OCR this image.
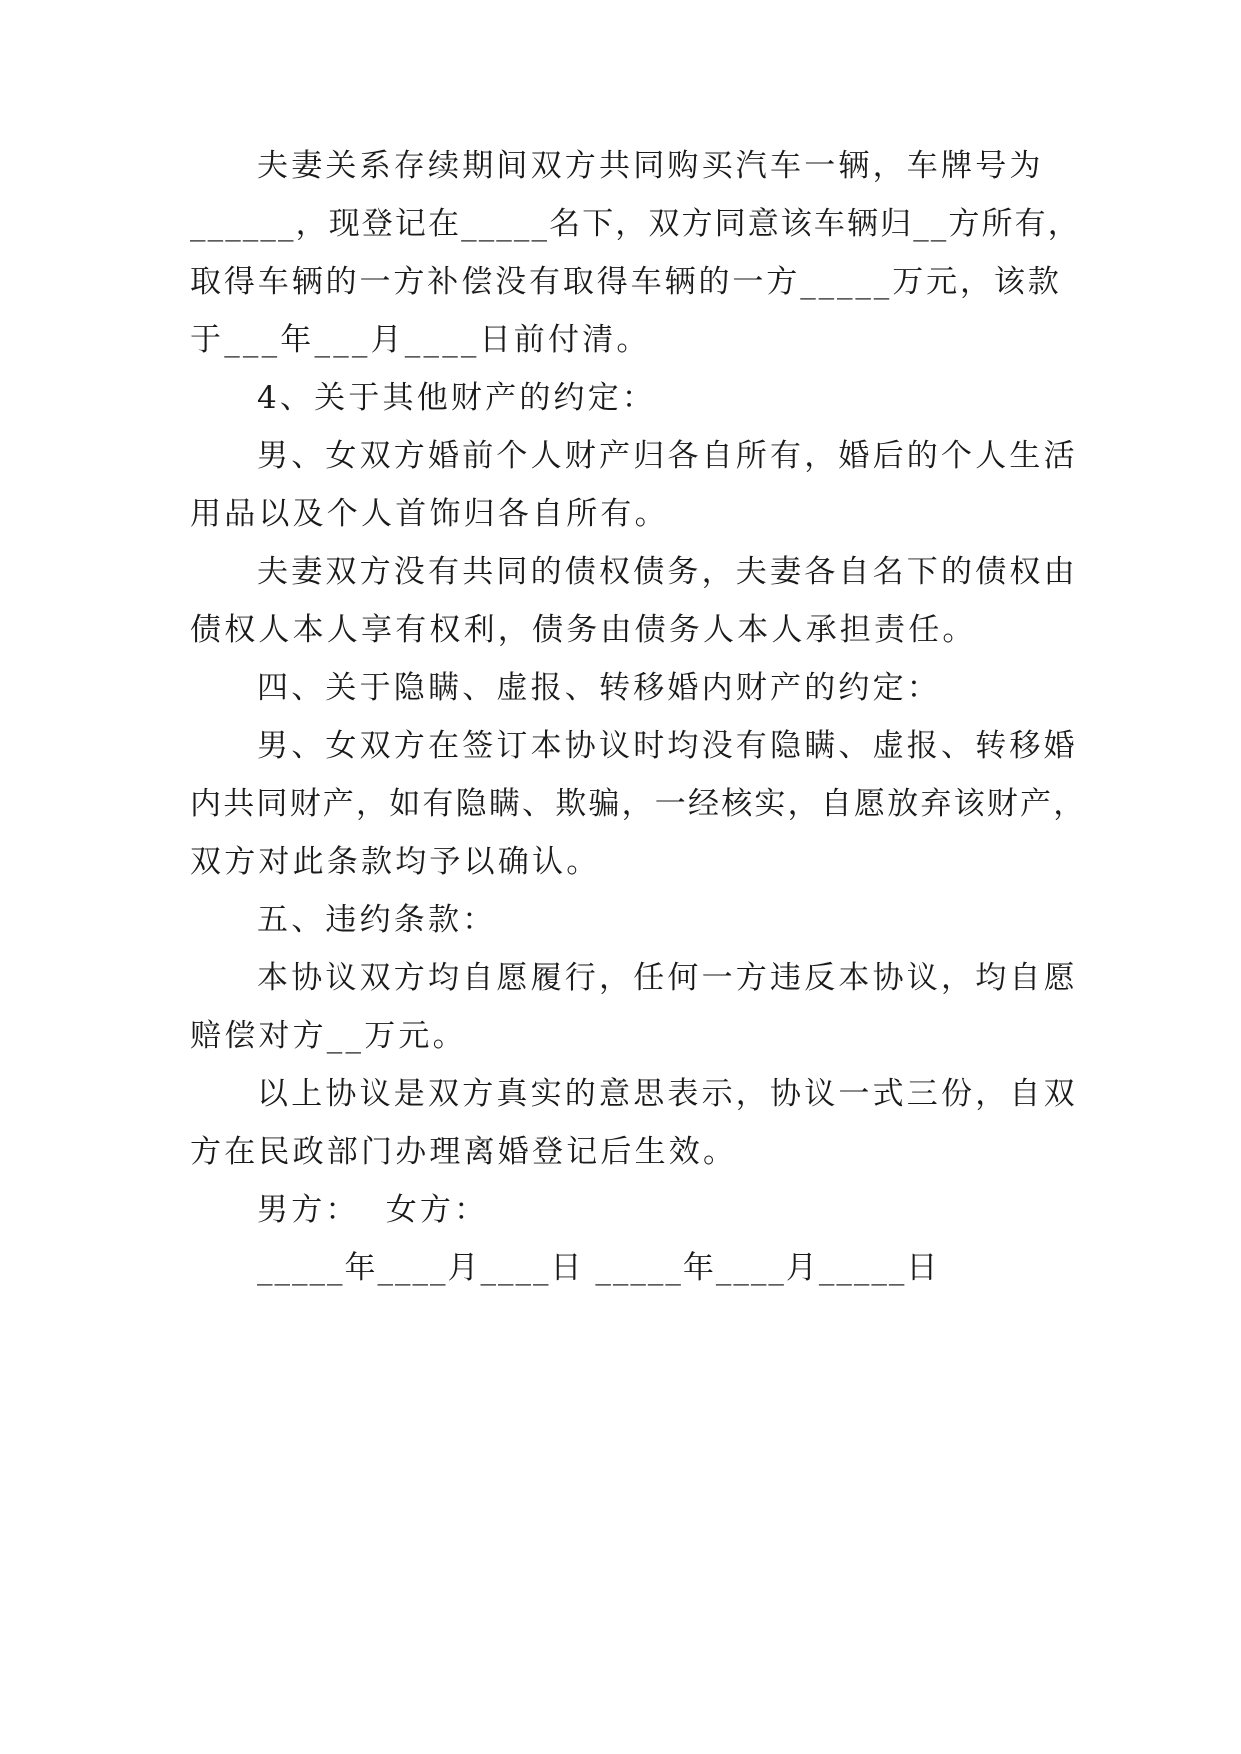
夫妻关系存续期间双方共同购买汽车一辆，车牌号为
______，现登记在_____名下，双方同意该车辆归__方所有，
取得车辆的一方补偿没有取得车辆的一方_____万元，该款
于___年___月____日前付清。
4、关于其他财产的约定：
男、女双方婚前个人财产归各自所有，婚后的个人生活
用品以及个人首饰归各自所有。
夫妻双方没有共同的债权债务，夫妻各自名下的债权由
债权人本人享有权利，债务由债务人本人承担责任。
四、关于隐瞒、虚报、转移婚内财产的约定：
男、女双方在签订本协议时均没有隐瞒、虚报、转移婚
内共同财产，如有隐瞒、欺骗，一经核实，自愿放弃该财产，
双方对此条款均予以确认。
五、违约条款：
本协议双方均自愿履行，任何一方违反本协议，均自愿
赔偿对方__万元。
以上协议是双方真实的意思表示，协议一式三份，自双
方在民政部门办理离婚登记后生效。
男方：  女方：
_____年____月____日 _____年____月_____日
